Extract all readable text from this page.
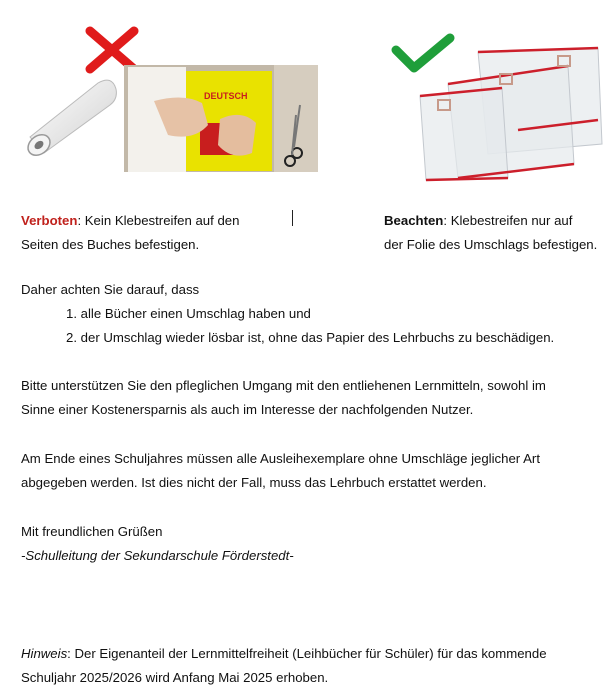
DEUTSCH
Verboten: Kein Klebestreifen auf den
Seiten des Buches befestigen.
Beachten: Klebestreifen nur auf
der Folie des Umschlags befestigen.

Daher achten Sie darauf, dass

1. alle Bücher einen Umschlag haben und

2. der Umschlag wieder lösbar ist, ohne das Papier des Lehrbuchs zu beschädigen.

Bitte unterstützen Sie den pfleglichen Umgang mit den entliehenen Lernmitteln, sowohl im

Sinne einer Kostenersparnis als auch im Interesse der nachfolgenden Nutzer.

Am Ende eines Schuljahres müssen alle Ausleihexemplare ohne Umschläge jeglicher Art

abgegeben werden. Ist dies nicht der Fall, muss das Lehrbuch erstattet werden.

Mit freundlichen Grüßen

-Schulleitung der Sekundarschule Förderstedt-

Hinweis: Der Eigenanteil der Lernmittelfreiheit (Leihbücher für Schüler) für das kommende

Schuljahr 2025/2026 wird Anfang Mai 2025 erhoben.
